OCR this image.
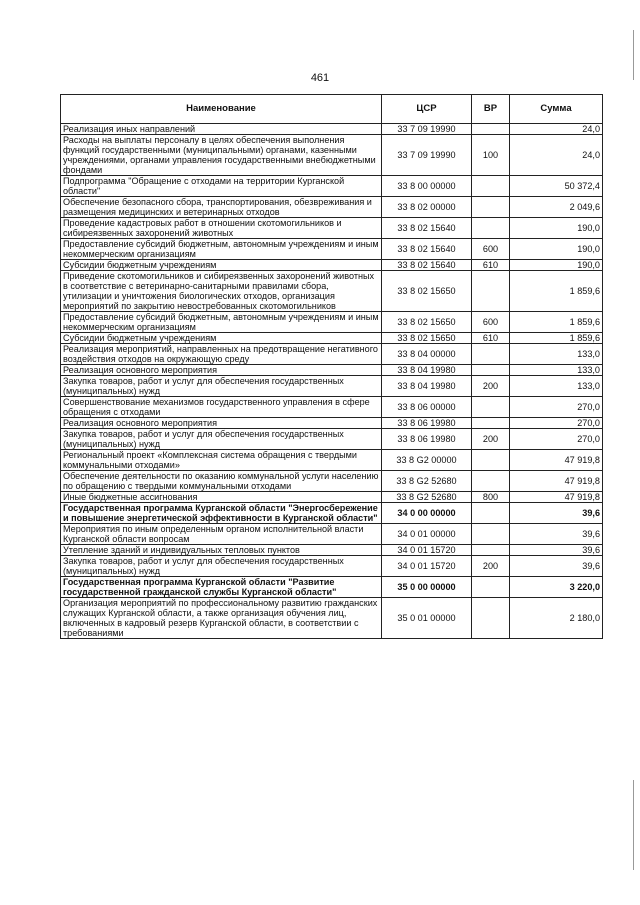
461
Наименование	ЦСР	ВР	Сумма
Реализация иных направлений	33 7 09 19990		24,0
Расходы на выплаты персоналу в целях обеспечения выполнения функций государственными (муниципальными) органами, казенными учреждениями, органами управления государственными внебюджетными фондами	33 7 09 19990	100	24,0
Подпрограмма "Обращение с отходами на территории Курганской области"	33 8 00 00000		50 372,4
Обеспечение безопасного сбора, транспортирования, обезвреживания и размещения медицинских и ветеринарных отходов	33 8 02 00000		2 049,6
Проведение кадастровых работ в отношении скотомогильников и сибиреязвенных захоронений животных	33 8 02 15640		190,0
Предоставление субсидий бюджетным, автономным учреждениям и иным некоммерческим организациям	33 8 02 15640	600	190,0
Субсидии бюджетным учреждениям	33 8 02 15640	610	190,0
Приведение скотомогильников и сибиреязвенных захоронений животных в соответствие с ветеринарно-санитарными правилами сбора, утилизации и уничтожения биологических отходов, организация мероприятий по закрытию невостребованных скотомогильников	33 8 02 15650		1 859,6
Предоставление субсидий бюджетным, автономным учреждениям и иным некоммерческим организациям	33 8 02 15650	600	1 859,6
Субсидии бюджетным учреждениям	33 8 02 15650	610	1 859,6
Реализация мероприятий, направленных на предотвращение негативного воздействия отходов на окружающую среду	33 8 04 00000		133,0
Реализация основного мероприятия	33 8 04 19980		133,0
Закупка товаров, работ и услуг для обеспечения государственных (муниципальных) нужд	33 8 04 19980	200	133,0
Совершенствование механизмов государственного управления в сфере обращения с отходами	33 8 06 00000		270,0
Реализация основного мероприятия	33 8 06 19980		270,0
Закупка товаров, работ и услуг для обеспечения государственных (муниципальных) нужд	33 8 06 19980	200	270,0
Региональный проект «Комплексная система обращения с твердыми коммунальными отходами»	33 8 G2 00000		47 919,8
Обеспечение деятельности по оказанию коммунальной услуги населению по обращению с твердыми коммунальными отходами	33 8 G2 52680		47 919,8
Иные бюджетные ассигнования	33 8 G2 52680	800	47 919,8
Государственная программа Курганской области "Энергосбережение и повышение энергетической эффективности в Курганской области"	34 0 00 00000		39,6
Мероприятия по иным определенным органом исполнительной власти Курганской области вопросам	34 0 01 00000		39,6
Утепление зданий и индивидуальных тепловых пунктов	34 0 01 15720		39,6
Закупка товаров, работ и услуг для обеспечения государственных (муниципальных) нужд	34 0 01 15720	200	39,6
Государственная программа Курганской области "Развитие государственной гражданской службы Курганской области"	35 0 00 00000		3 220,0
Организация мероприятий по профессиональному развитию гражданских служащих Курганской области, а также организация обучения лиц, включенных в кадровый резерв Курганской области, в соответствии с требованиями	35 0 01 00000		2 180,0
